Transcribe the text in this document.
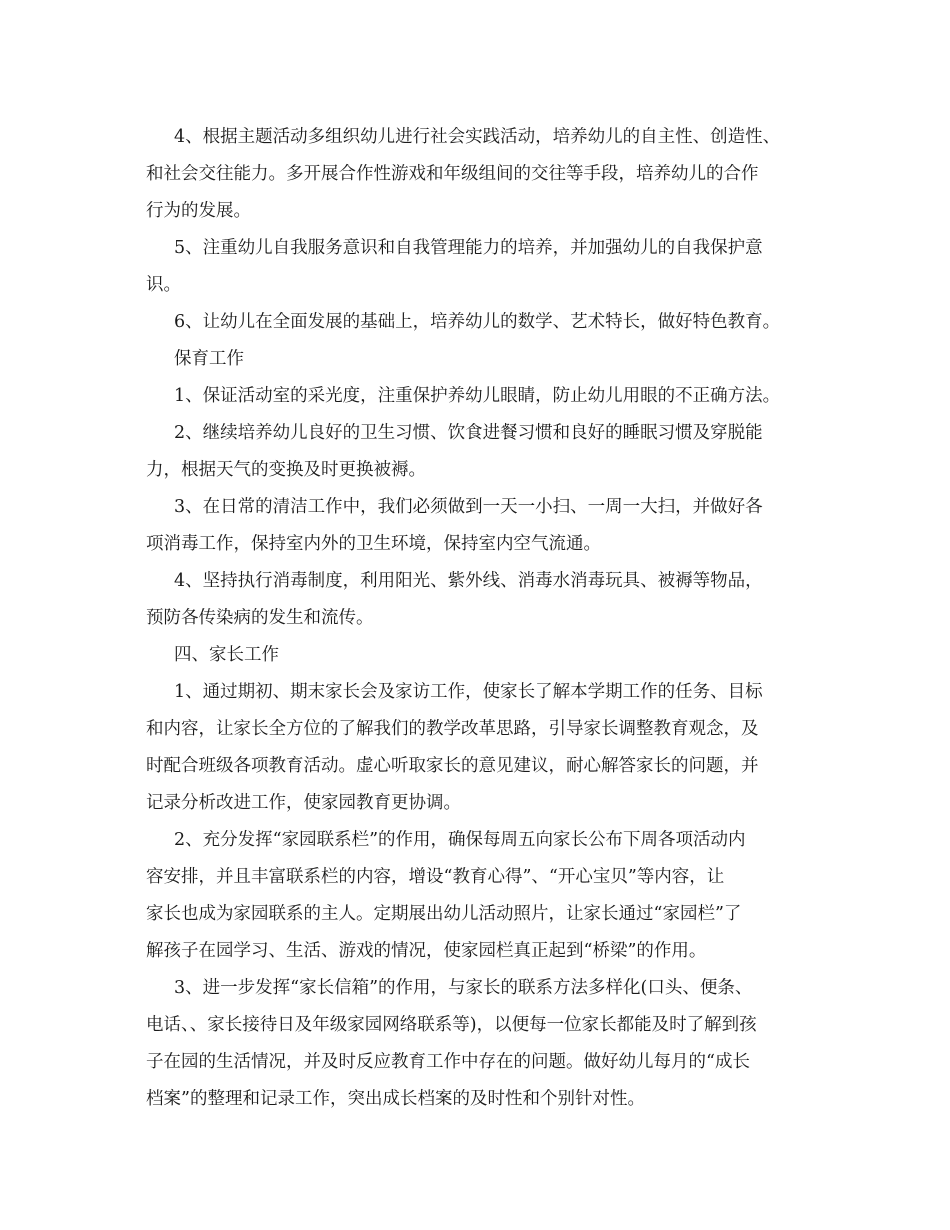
4、根据主题活动多组织幼儿进行社会实践活动，培养幼儿的自主性、创造性、
和社会交往能力。多开展合作性游戏和年级组间的交往等手段，培养幼儿的合作
行为的发展。
5、注重幼儿自我服务意识和自我管理能力的培养，并加强幼儿的自我保护意
识。
6、让幼儿在全面发展的基础上，培养幼儿的数学、艺术特长，做好特色教育。
保育工作
1、保证活动室的采光度，注重保护养幼儿眼睛，防止幼儿用眼的不正确方法。
2、继续培养幼儿良好的卫生习惯、饮食进餐习惯和良好的睡眠习惯及穿脱能
力，根据天气的变换及时更换被褥。
3、在日常的清洁工作中，我们必须做到一天一小扫、一周一大扫，并做好各
项消毒工作，保持室内外的卫生环境，保持室内空气流通。
4、坚持执行消毒制度，利用阳光、紫外线、消毒水消毒玩具、被褥等物品，
预防各传染病的发生和流传。
四、家长工作
1、通过期初、期末家长会及家访工作，使家长了解本学期工作的任务、目标
和内容，让家长全方位的了解我们的教学改革思路，引导家长调整教育观念，及
时配合班级各项教育活动。虚心听取家长的意见建议，耐心解答家长的问题，并
记录分析改进工作，使家园教育更协调。
2、充分发挥“家园联系栏”的作用，确保每周五向家长公布下周各项活动内
容安排，并且丰富联系栏的内容，增设“教育心得”、“开心宝贝”等内容，让
家长也成为家园联系的主人。定期展出幼儿活动照片，让家长通过“家园栏”了
解孩子在园学习、生活、游戏的情况，使家园栏真正起到“桥梁”的作用。
3、进一步发挥“家长信箱”的作用，与家长的联系方法多样化(口头、便条、
电话、、家长接待日及年级家园网络联系等)，以便每一位家长都能及时了解到孩
子在园的生活情况，并及时反应教育工作中存在的问题。做好幼儿每月的“成长
档案”的整理和记录工作，突出成长档案的及时性和个别针对性。
